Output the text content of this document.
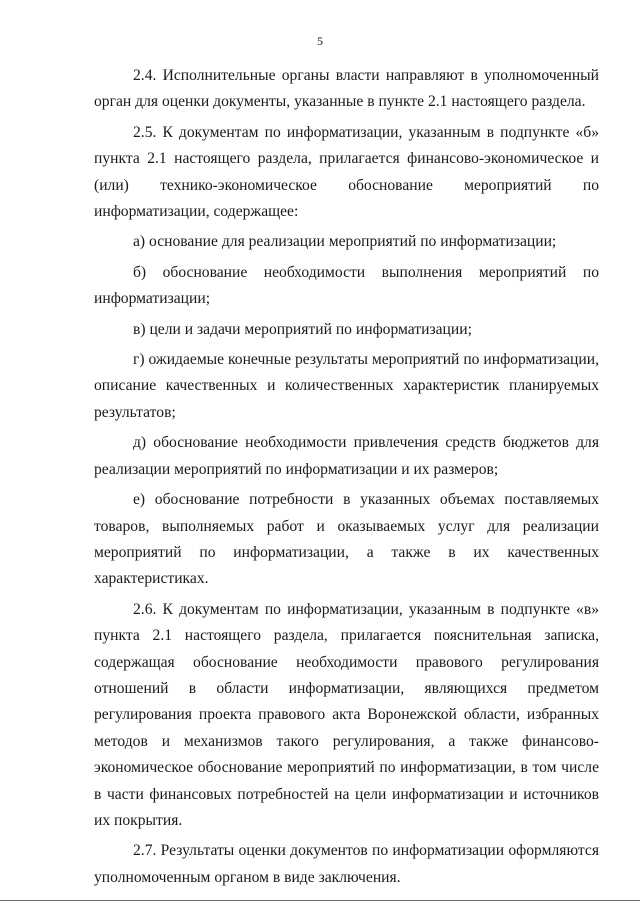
5

2.4. Исполнительные органы власти направляют в уполномоченный орган для оценки документы, указанные в пункте 2.1 настоящего раздела.

2.5. К документам по информатизации, указанным в подпункте «б» пункта 2.1 настоящего раздела, прилагается финансово-экономическое и (или) технико-экономическое обоснование мероприятий по информатизации, содержащее:

а) основание для реализации мероприятий по информатизации;

б) обоснование необходимости выполнения мероприятий по информатизации;

в) цели и задачи мероприятий по информатизации;

г) ожидаемые конечные результаты мероприятий по информатизации, описание качественных и количественных характеристик планируемых результатов;

д) обоснование необходимости привлечения средств бюджетов для реализации мероприятий по информатизации и их размеров;

е) обоснование потребности в указанных объемах поставляемых товаров, выполняемых работ и оказываемых услуг для реализации мероприятий по информатизации, а также в их качественных характеристиках.

2.6. К документам по информатизации, указанным в подпункте «в» пункта 2.1 настоящего раздела, прилагается пояснительная записка, содержащая обоснование необходимости правового регулирования отношений в области информатизации, являющихся предметом регулирования проекта правового акта Воронежской области, избранных методов и механизмов такого регулирования, а также финансово-экономическое обоснование мероприятий по информатизации, в том числе в части финансовых потребностей на цели информатизации и источников их покрытия.

2.7. Результаты оценки документов по информатизации оформляются уполномоченным органом в виде заключения.
